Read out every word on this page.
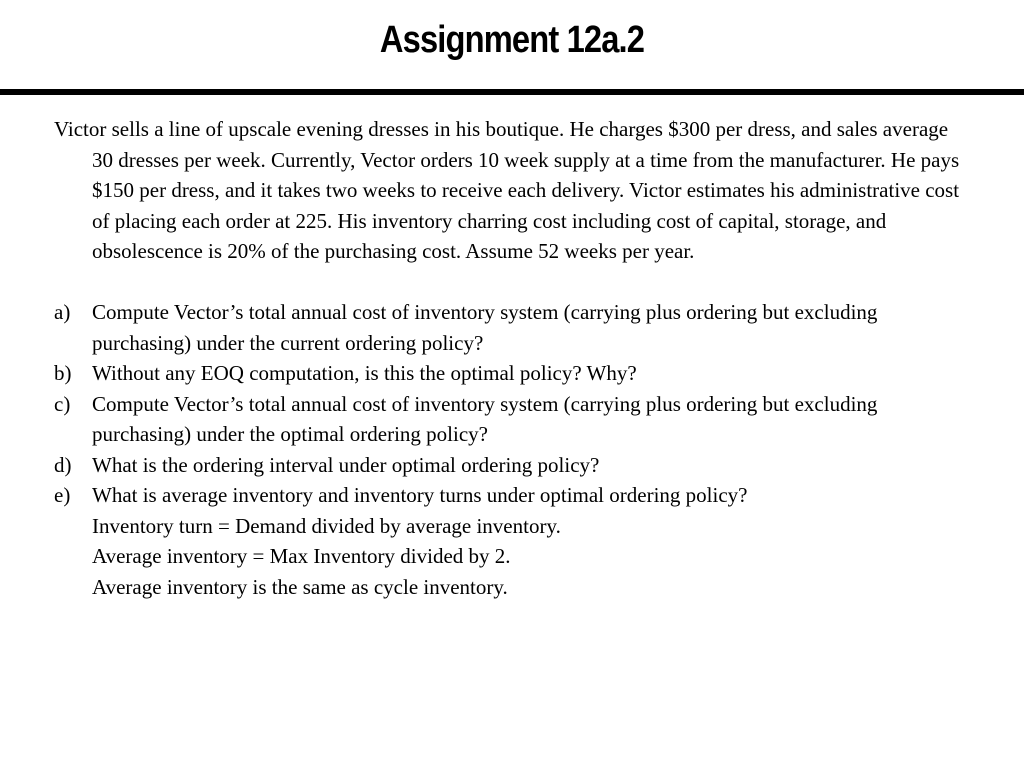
Assignment 12a.2

Victor sells a line of upscale evening dresses in his boutique. He charges $300 per dress, and sales average 30 dresses per week. Currently, Vector orders 10 week supply at a time from the manufacturer. He pays $150 per dress, and it takes two weeks to receive each delivery. Victor estimates his administrative cost of placing each order at 225. His inventory charring cost including cost of capital, storage, and obsolescence is 20% of the purchasing cost. Assume 52 weeks per year.

a)	Compute Vector’s total annual cost of inventory system (carrying plus ordering but excluding purchasing) under the current ordering policy?
b) Without any EOQ computation, is this the optimal policy? Why?
c)	Compute Vector’s total annual cost of inventory system (carrying plus ordering but excluding purchasing) under the optimal ordering policy?
d) What is the ordering interval under optimal ordering policy?
e)	What is average inventory and inventory turns under optimal ordering policy?
Inventory turn = Demand divided by average inventory.
Average inventory = Max Inventory divided by 2.
Average inventory is the same as cycle inventory.
